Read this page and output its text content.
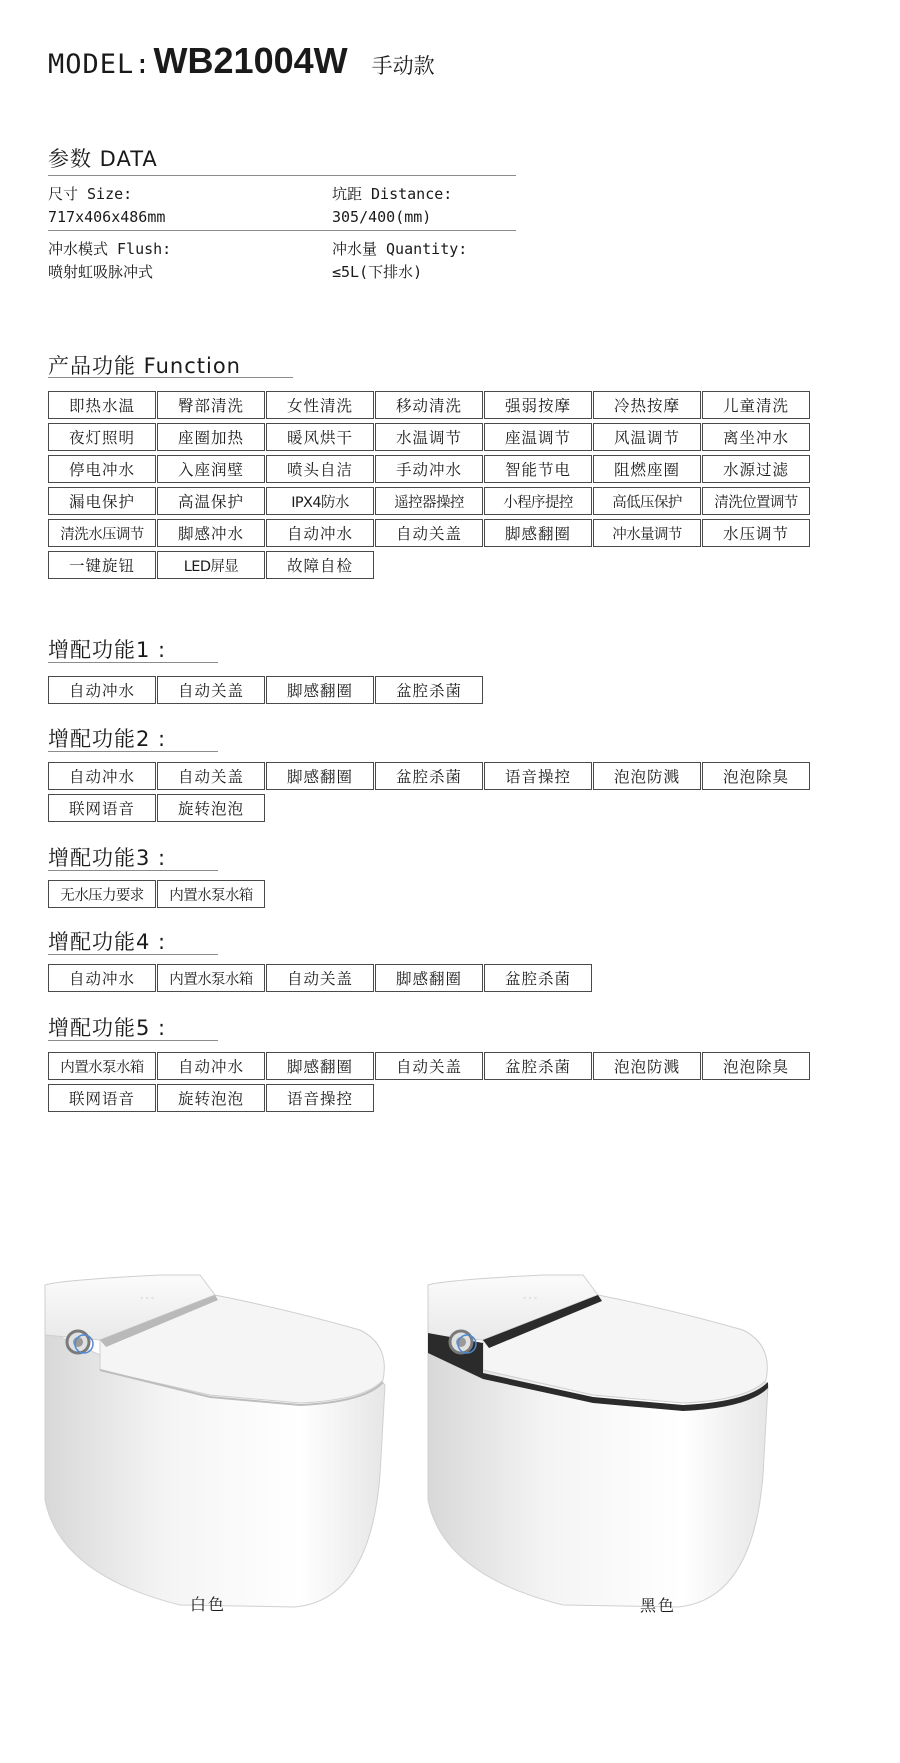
MODEL: WB21004W 手动款
参数 DATA
尺寸 Size:
717x406x486mm
坑距 Distance:
305/400(mm)
冲水模式 Flush:
喷射虹吸脉冲式
冲水量 Quantity:
≤5L(下排水)
产品功能 Function
即热水温	臀部清洗	女性清洗	移动清洗	强弱按摩	冷热按摩	儿童清洗
夜灯照明	座圈加热	暖风烘干	水温调节	座温调节	风温调节	离坐冲水
停电冲水	入座润壁	喷头自洁	手动冲水	智能节电	阻燃座圈	水源过滤
漏电保护	高温保护	IPX4防水	遥控器操控	小程序提控	高低压保护	清洗位置调节
清洗水压调节	脚感冲水	自动冲水	自动关盖	脚感翻圈	冲水量调节	水压调节
一键旋钮	LED屏显	故障自检
增配功能1 :
自动冲水	自动关盖	脚感翻圈	盆腔杀菌
增配功能2 :
自动冲水	自动关盖	脚感翻圈	盆腔杀菌	语音操控	泡泡防溅	泡泡除臭
联网语音	旋转泡泡
增配功能3 :
无水压力要求	内置水泵水箱
增配功能4 :
自动冲水	内置水泵水箱	自动关盖	脚感翻圈	盆腔杀菌
增配功能5 :
内置水泵水箱	自动冲水	脚感翻圈	自动关盖	盆腔杀菌	泡泡防溅	泡泡除臭
联网语音	旋转泡泡	语音操控
◦ ◦ ◦	◦ ◦ ◦
白色	黑色
